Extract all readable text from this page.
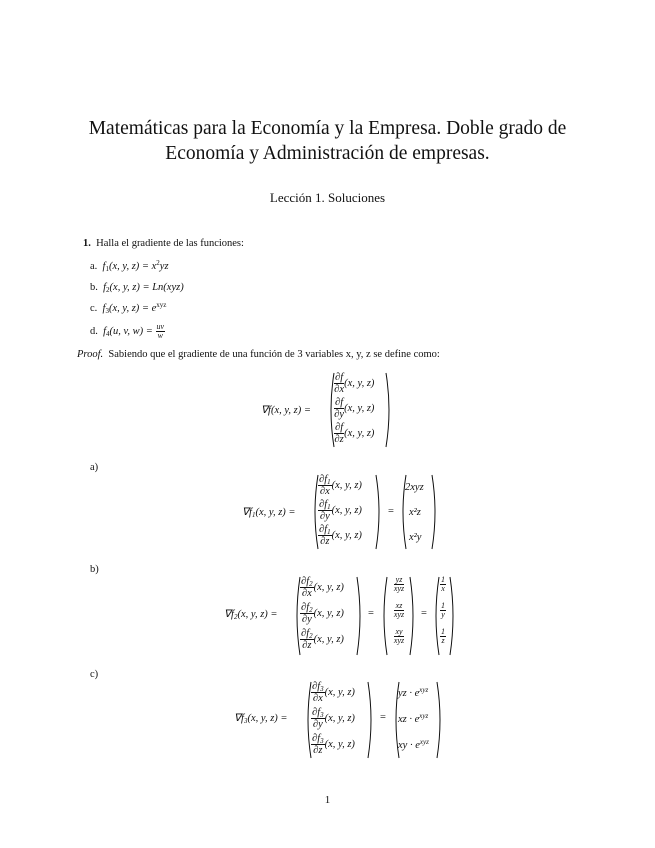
Matemáticas para la Economía y la Empresa. Doble grado de Economía y Administración de empresas.
Lección 1. Soluciones
1. Halla el gradiente de las funciones:
a. $f_1(x$, y, $z) = x^2yz$
b. $f_2(x$, y, z) = Ln(xyz)
c. $f_3(x$, y, $z) = e^{xyz}$
d. $f_4(u$, v, $w) = \frac{uv}{w}$
Proof. Sabiendo que el gradiente de una función de 3 variables x, y, z se define como:
∇f(x, y, z) =
$\frac{\partial f}{\partial x} (x$, y, z)
$\frac{\partial f}{\partial y} (x$, y, z)
$\frac{\partial f}{\partial z} (x$, y, z)
a)
$\nabla f_1(x$, y, z) =
$\frac{\partial f_1}{\partial x} (x$, y, z)
$\frac{\partial f_1}{\partial y} (x$, y, z)
$\frac{\partial f_1}{\partial z} (x$, y, z)
=
2xyz
x²z
x²y
b)
$\nabla f_2(x$, y, z) =
$\frac{\partial f_2}{\partial x} (x$, y, z)
$\frac{\partial f_2}{\partial y} (x$, y, z)
$\frac{\partial f_2}{\partial z} (x$, y, z)
=
$\frac{yz}{\text{xyz}}$
$\frac{xz}{\text{xyz}}$
$\frac{xy}{\text{xyz}}$
=
$\frac{1}{x}$
$\frac{1}{y}$
$\frac{1}{z}$
c)
$\nabla f_3(x$, y, z) =
$\frac{\partial f_3}{\partial x} (x$, y, z)
$\frac{\partial f_3}{\partial y} (x$, y, z)
$\frac{\partial f_3}{\partial z} (x$, y, z)
=
yz · $e^{xyz}$
xz · $e^{xyz}$
xy · $e^{xyz}$
1
